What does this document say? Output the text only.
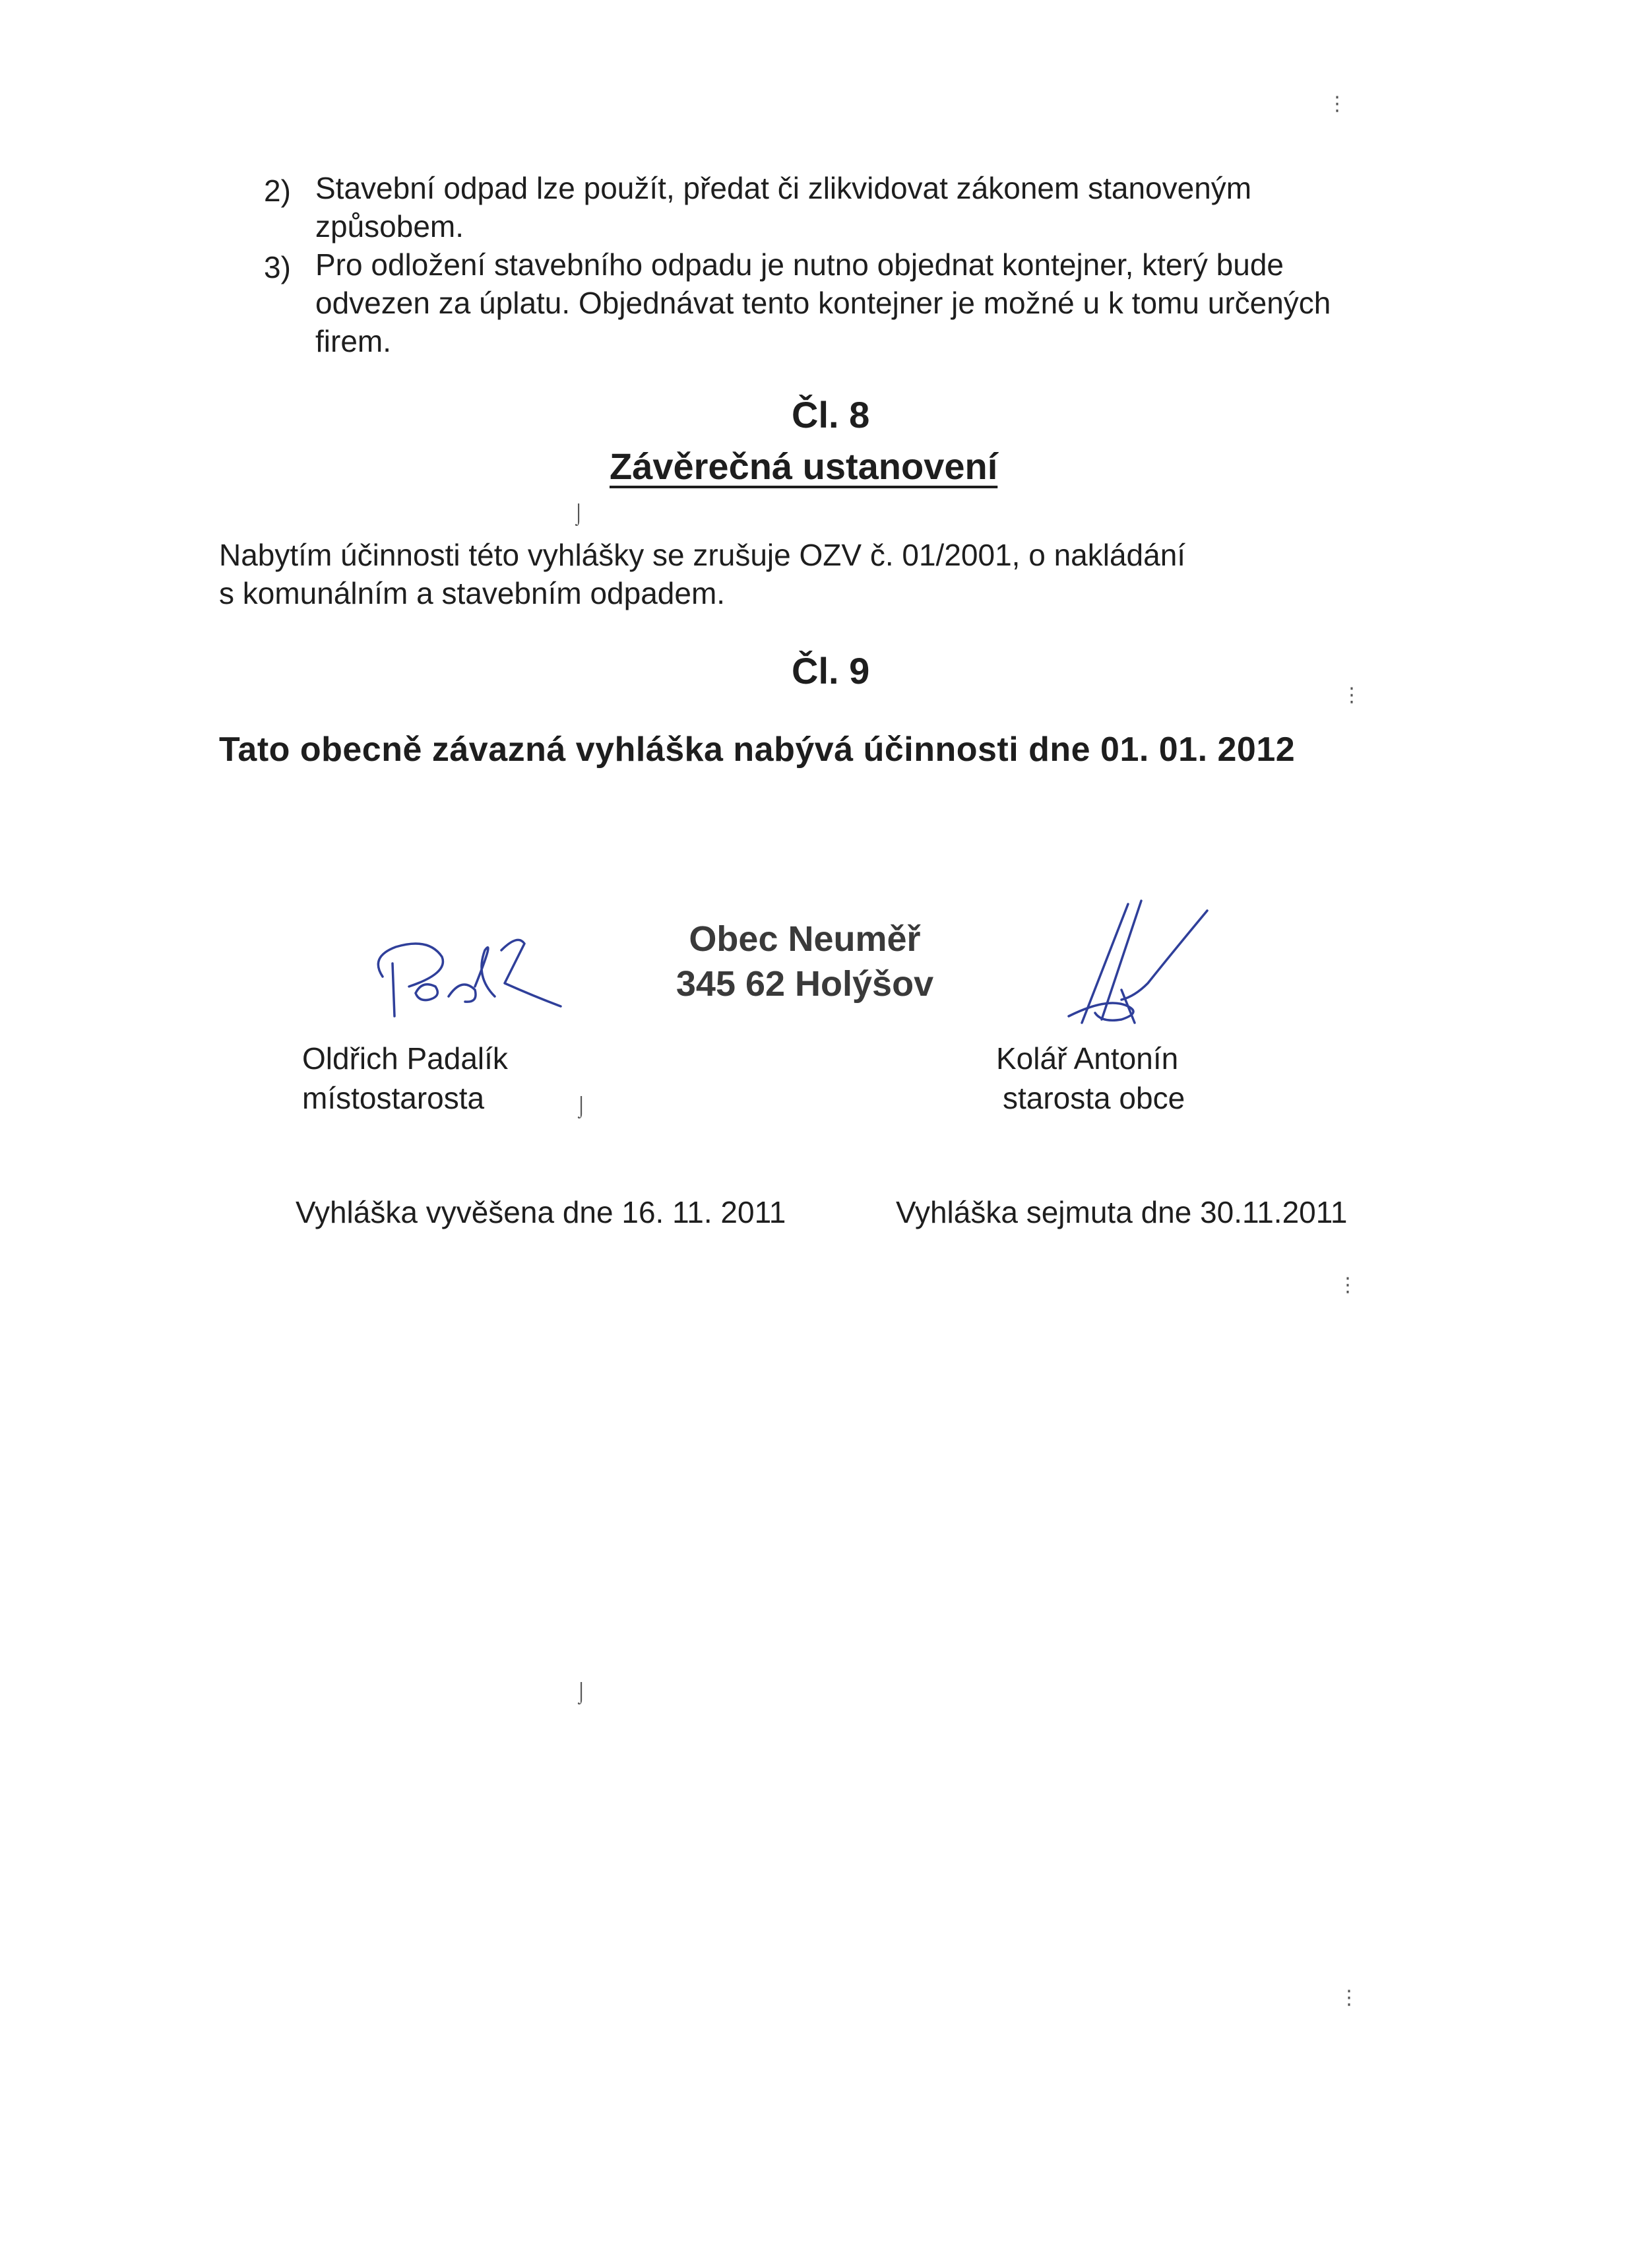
2) Stavební odpad lze použít, předat či zlikvidovat zákonem stanoveným
způsobem.
3) Pro odložení stavebního odpadu je nutno objednat kontejner, který bude
odvezen za úplatu. Objednávat tento kontejner je možné u k tomu určených
firem.
Čl. 8
Závěrečná ustanovení
Nabytím účinnosti této vyhlášky se zrušuje OZV č. 01/2001, o nakládání
s komunálním a stavebním odpadem.
Čl. 9
Tato obecně závazná vyhláška nabývá účinnosti dne 01. 01. 2012
Obec Neuměř
345 62 Holýšov
Oldřich Padalík
místostarosta
Kolář Antonín
starosta obce
Vyhláška vyvěšena dne 16. 11. 2011	Vyhláška sejmuta dne 30.11.2011
⋮
⌡
⋮
⌡
⋮
⌡
⋮
